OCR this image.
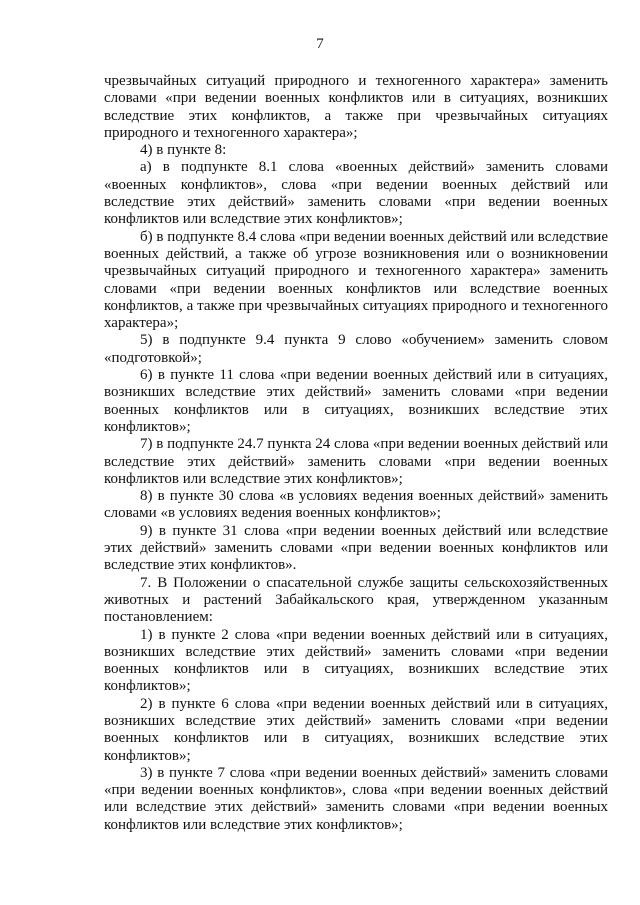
7

чрезвычайных ситуаций природного и техногенного характера» заменить словами «при ведении военных конфликтов или в ситуациях, возникших вследствие этих конфликтов, а также при чрезвычайных ситуациях природного и техногенного характера»;

4) в пункте 8:

а) в подпункте 8.1 слова «военных действий» заменить словами «военных конфликтов», слова «при ведении военных действий или вследствие этих действий» заменить словами «при ведении военных конфликтов или вследствие этих конфликтов»;

б) в подпункте 8.4 слова «при ведении военных действий или вследствие военных действий, а также об угрозе возникновения или о возникновении чрезвычайных ситуаций природного и техногенного характера» заменить словами «при ведении военных конфликтов или вследствие военных конфликтов, а также при чрезвычайных ситуациях природного и техногенного характера»;

5) в подпункте 9.4 пункта 9 слово «обучением» заменить словом «подготовкой»;

6) в пункте 11 слова «при ведении военных действий или в ситуациях, возникших вследствие этих действий» заменить словами «при ведении военных конфликтов или в ситуациях, возникших вследствие этих конфликтов»;

7) в подпункте 24.7 пункта 24 слова «при ведении военных действий или вследствие этих действий» заменить словами «при ведении военных конфликтов или вследствие этих конфликтов»;

8) в пункте 30 слова «в условиях ведения военных действий» заменить словами «в условиях ведения военных конфликтов»;

9) в пункте 31 слова «при ведении военных действий или вследствие этих действий» заменить словами «при ведении военных конфликтов или вследствие этих конфликтов».

7. В Положении о спасательной службе защиты сельскохозяйственных животных и растений Забайкальского края, утвержденном указанным постановлением:

1) в пункте 2 слова «при ведении военных действий или в ситуациях, возникших вследствие этих действий» заменить словами «при ведении военных конфликтов или в ситуациях, возникших вследствие этих конфликтов»;

2) в пункте 6 слова «при ведении военных действий или в ситуациях, возникших вследствие этих действий» заменить словами «при ведении военных конфликтов или в ситуациях, возникших вследствие этих конфликтов»;

3) в пункте 7 слова «при ведении военных действий» заменить словами «при ведении военных конфликтов», слова «при ведении военных действий или вследствие этих действий» заменить словами «при ведении военных конфликтов или вследствие этих конфликтов»;
